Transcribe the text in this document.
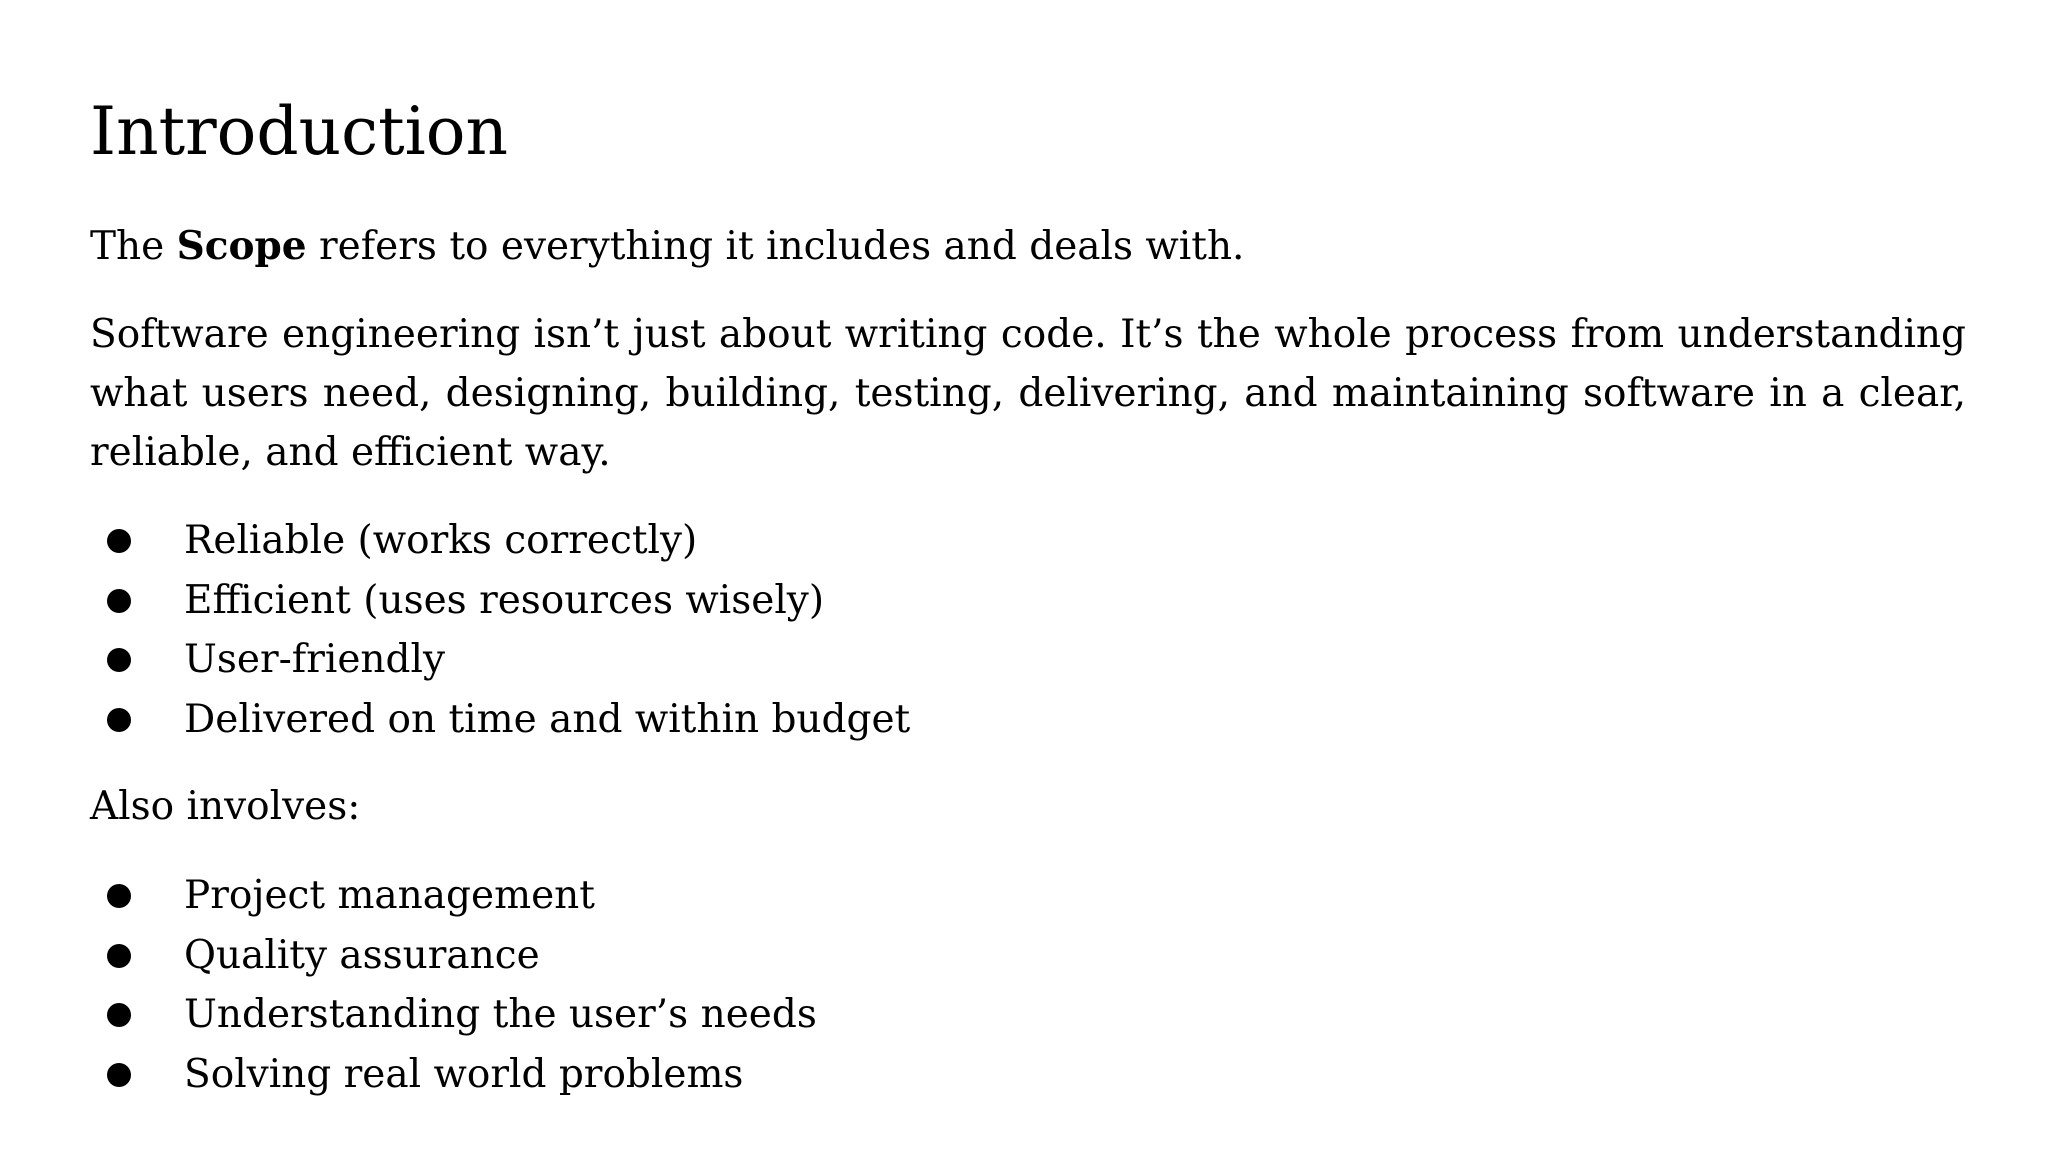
Introduction

The Scope refers to everything it includes and deals with.

Software engineering isn’t just about writing code. It’s the whole process from understanding what users need, designing, building, testing, delivering, and maintaining software in a clear, reliable, and efficient way.

Reliable (works correctly)
Efficient (uses resources wisely)
User-friendly
Delivered on time and within budget

Also involves:

Project management
Quality assurance
Understanding the user’s needs
Solving real world problems
